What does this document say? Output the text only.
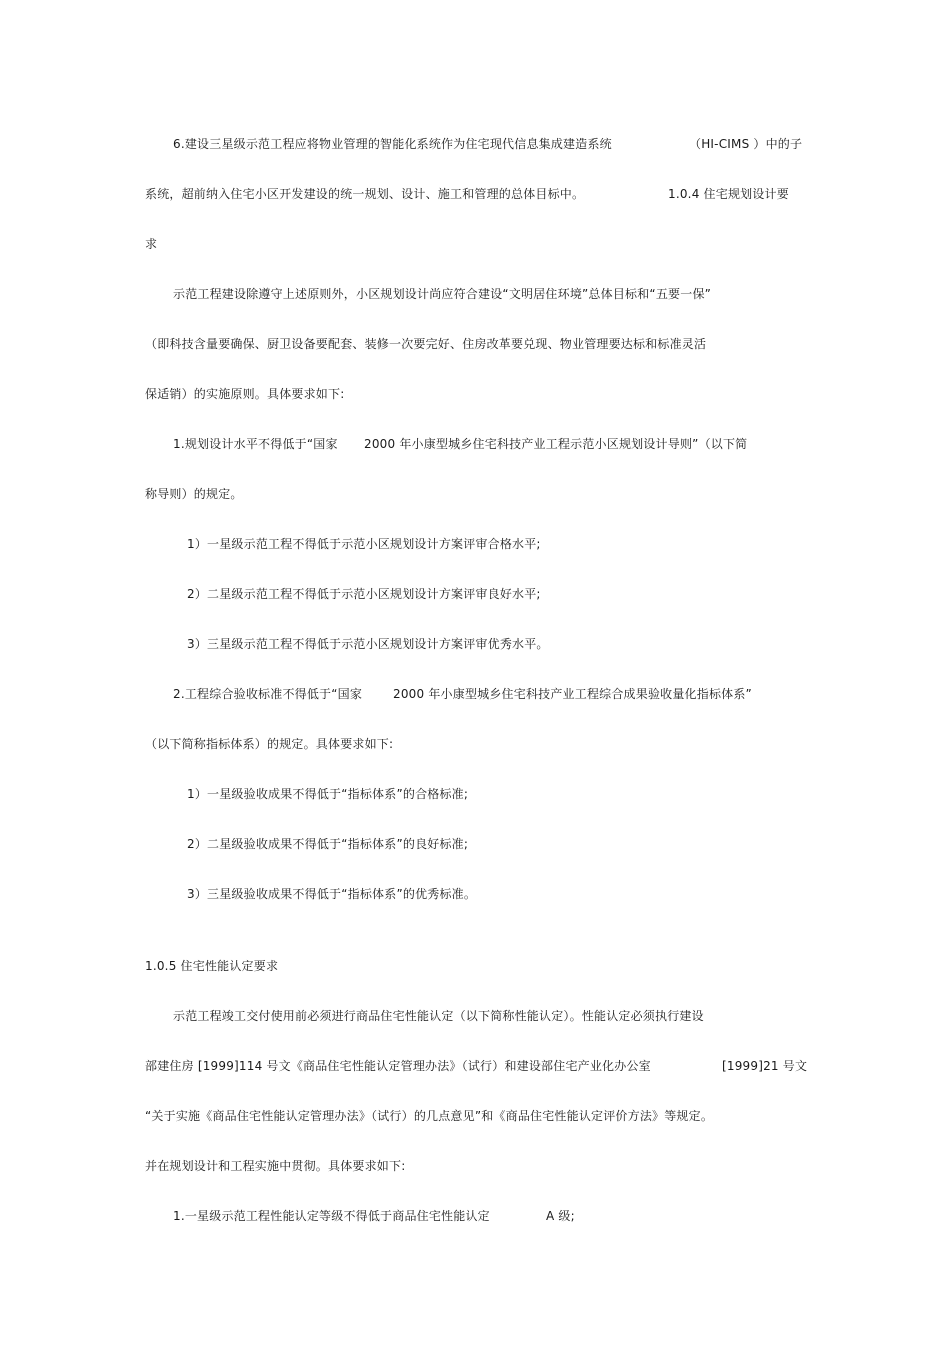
6.建设三星级示范工程应将物业管理的智能化系统作为住宅现代信息集成建造系统	（HI-CIMS ）中的子
系统，超前纳入住宅小区开发建设的统一规划、设计、施工和管理的总体目标中。	1.0.4 住宅规划设计要
求
示范工程建设除遵守上述原则外，小区规划设计尚应符合建设“文明居住环境”总体目标和“五要一保”
（即科技含量要确保、厨卫设备要配套、装修一次要完好、住房改革要兑现、物业管理要达标和标准灵活
保适销）的实施原则。具体要求如下:
1.规划设计水平不得低于“国家 2000 年小康型城乡住宅科技产业工程示范小区规划设计导则”（以下简
称导则）的规定。
1）一星级示范工程不得低于示范小区规划设计方案评审合格水平;
2）二星级示范工程不得低于示范小区规划设计方案评审良好水平;
3）三星级示范工程不得低于示范小区规划设计方案评审优秀水平。
2.工程综合验收标准不得低于“国家	2000 年小康型城乡住宅科技产业工程综合成果验收量化指标体系”
（以下简称指标体系）的规定。具体要求如下:
1）一星级验收成果不得低于“指标体系”的合格标准;
2）二星级验收成果不得低于“指标体系”的良好标准;
3）三星级验收成果不得低于“指标体系”的优秀标准。
1.0.5 住宅性能认定要求
示范工程竣工交付使用前必须进行商品住宅性能认定（以下简称性能认定）。性能认定必须执行建设
部建住房 [1999]114 号文《商品住宅性能认定管理办法》（试行）和建设部住宅产业化办公室	[1999]21 号文
“关于实施《商品住宅性能认定管理办法》（试行）的几点意见”和《商品住宅性能认定评价方法》等规定。
并在规划设计和工程实施中贯彻。具体要求如下:
1.一星级示范工程性能认定等级不得低于商品住宅性能认定	A 级;
